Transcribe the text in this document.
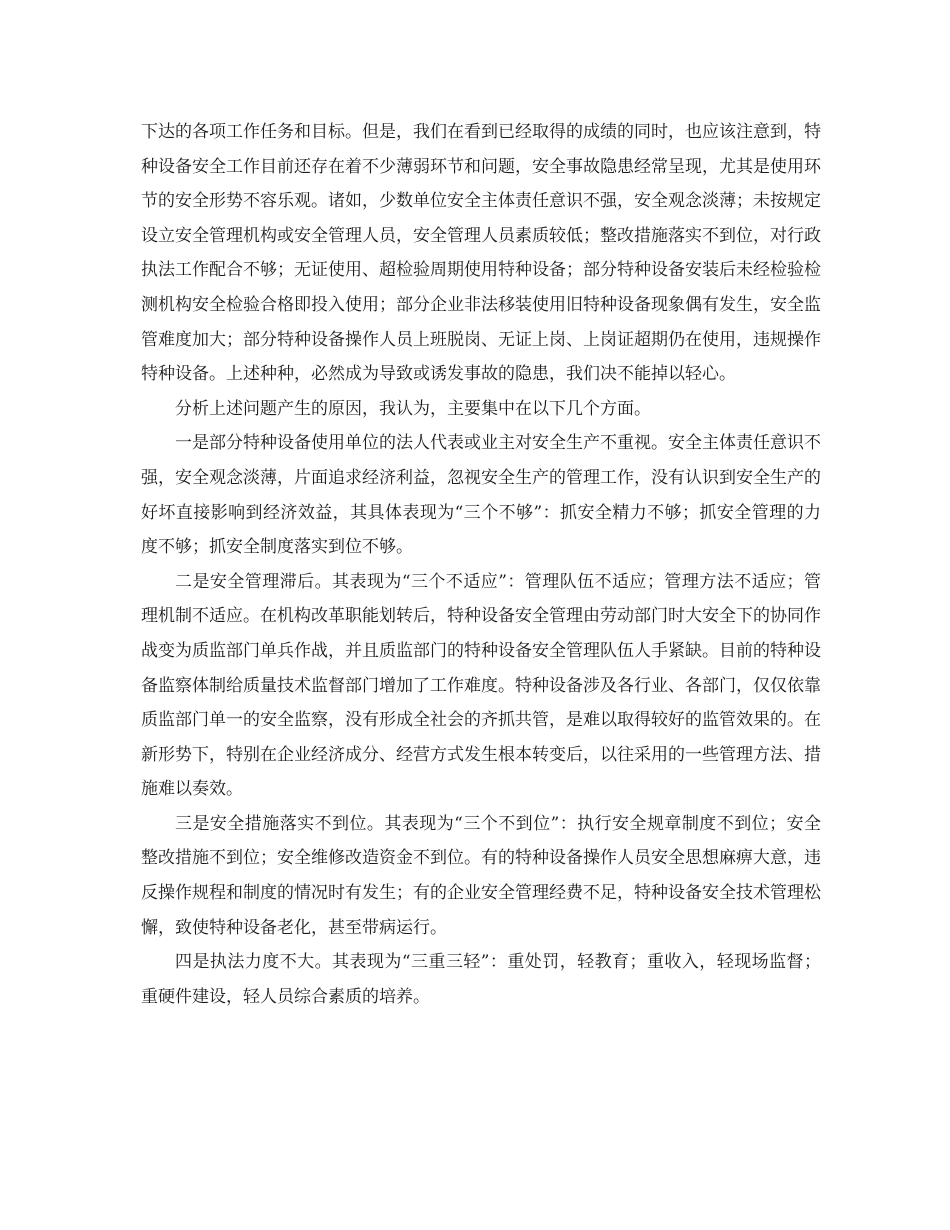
下达的各项工作任务和目标。但是，我们在看到已经取得的成绩的同时，也应该注意到，特种设备安全工作目前还存在着不少薄弱环节和问题，安全事故隐患经常呈现，尤其是使用环节的安全形势不容乐观。诸如，少数单位安全主体责任意识不强，安全观念淡薄；未按规定设立安全管理机构或安全管理人员，安全管理人员素质较低；整改措施落实不到位，对行政执法工作配合不够；无证使用、超检验周期使用特种设备；部分特种设备安装后未经检验检测机构安全检验合格即投入使用；部分企业非法移装使用旧特种设备现象偶有发生，安全监管难度加大；部分特种设备操作人员上班脱岗、无证上岗、上岗证超期仍在使用，违规操作特种设备。上述种种，必然成为导致或诱发事故的隐患，我们决不能掉以轻心。

分析上述问题产生的原因，我认为，主要集中在以下几个方面。

一是部分特种设备使用单位的法人代表或业主对安全生产不重视。安全主体责任意识不强，安全观念淡薄，片面追求经济利益，忽视安全生产的管理工作，没有认识到安全生产的好坏直接影响到经济效益，其具体表现为“三个不够”：抓安全精力不够；抓安全管理的力度不够；抓安全制度落实到位不够。

二是安全管理滞后。其表现为“三个不适应”：管理队伍不适应；管理方法不适应；管理机制不适应。在机构改革职能划转后，特种设备安全管理由劳动部门时大安全下的协同作战变为质监部门单兵作战，并且质监部门的特种设备安全管理队伍人手紧缺。目前的特种设备监察体制给质量技术监督部门增加了工作难度。特种设备涉及各行业、各部门，仅仅依靠质监部门单一的安全监察，没有形成全社会的齐抓共管，是难以取得较好的监管效果的。在新形势下，特别在企业经济成分、经营方式发生根本转变后，以往采用的一些管理方法、措施难以奏效。

三是安全措施落实不到位。其表现为“三个不到位”：执行安全规章制度不到位；安全整改措施不到位；安全维修改造资金不到位。有的特种设备操作人员安全思想麻痹大意，违反操作规程和制度的情况时有发生；有的企业安全管理经费不足，特种设备安全技术管理松懈，致使特种设备老化，甚至带病运行。

四是执法力度不大。其表现为“三重三轻”：重处罚，轻教育；重收入，轻现场监督；重硬件建设，轻人员综合素质的培养。
